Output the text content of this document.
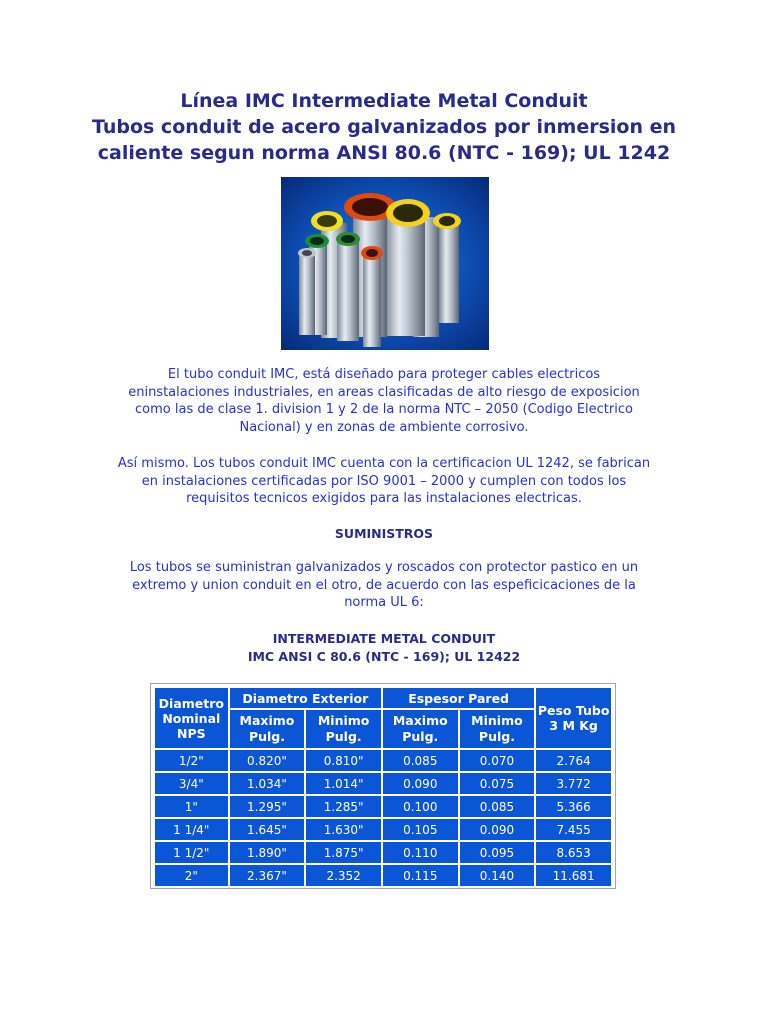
Línea IMC Intermediate Metal Conduit
Tubos conduit de acero galvanizados por inmersion en
caliente segun norma ANSI 80.6 (NTC - 169); UL 1242
El tubo conduit IMC, está diseñado para proteger cables electricos
eninstalaciones industriales, en areas clasificadas de alto riesgo de exposicion
como las de clase 1. division 1 y 2 de la norma NTC – 2050 (Codigo Electrico
Nacional) y en zonas de ambiente corrosivo.
Así mismo. Los tubos conduit IMC cuenta con la certificacion UL 1242, se fabrican
en instalaciones certificadas por ISO 9001 – 2000 y cumplen con todos los
requisitos tecnicos exigidos para las instalaciones electricas.
SUMINISTROS
Los tubos se suministran galvanizados y roscados con protector pastico en un
extremo y union conduit en el otro, de acuerdo con las espeficicaciones de la
norma UL 6:
INTERMEDIATE METAL CONDUIT
IMC ANSI C 80.6 (NTC - 169); UL 12422
Diametro Nominal NPS	Diametro Exterior		Espesor Pared		Peso Tubo 3 M Kg
	Maximo Pulg.	Minimo Pulg.	Maximo Pulg.	Minimo Pulg.	
1/2"	0.820"	0.810"	0.085	0.070	2.764
3/4"	1.034"	1.014"	0.090	0.075	3.772
1"	1.295"	1.285"	0.100	0.085	5.366
1 1/4"	1.645"	1.630"	0.105	0.090	7.455
1 1/2"	1.890"	1.875"	0.110	0.095	8.653
2"	2.367"	2.352	0.115	0.140	11.681
